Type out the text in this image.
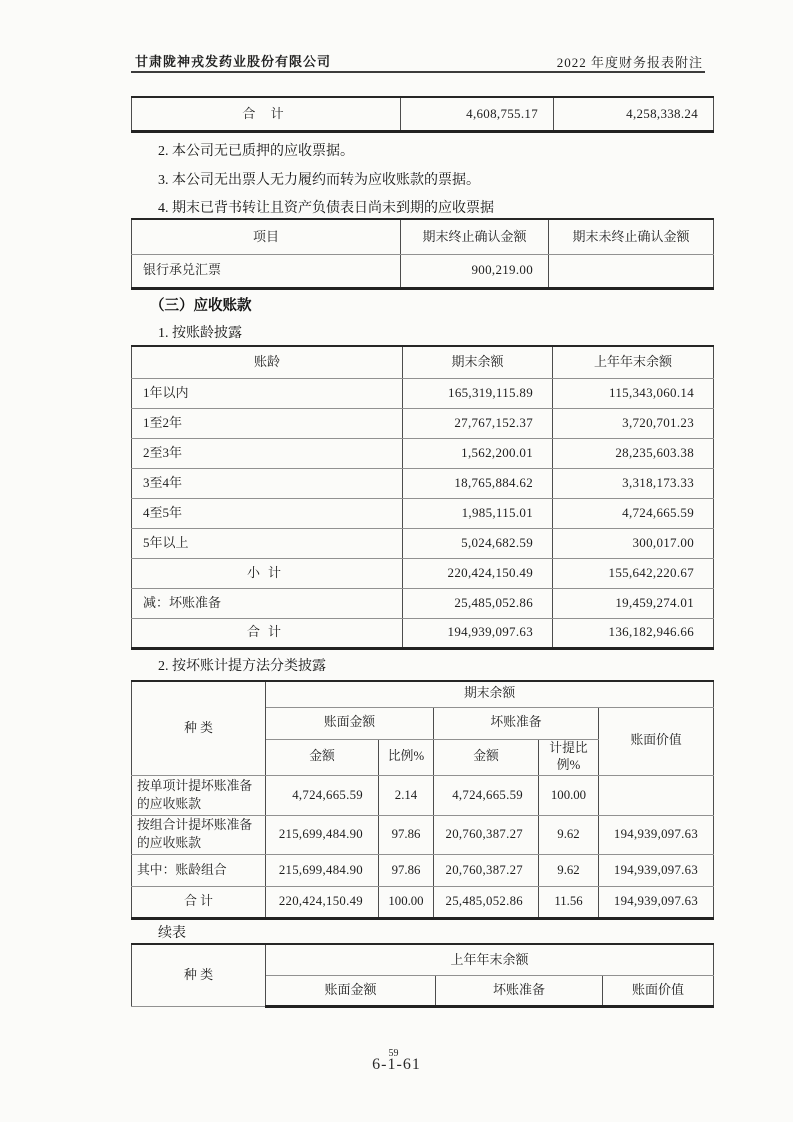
甘肃陇神戎发药业股份有限公司	2022 年度财务报表附注
合 计	4,608,755.17	4,258,338.24
2. 本公司无已质押的应收票据。
3. 本公司无出票人无力履约而转为应收账款的票据。
4. 期末已背书转让且资产负债表日尚未到期的应收票据
项目	期末终止确认金额	期末未终止确认金额
银行承兑汇票	900,219.00	
（三）应收账款
1. 按账龄披露
账龄	期末余额	上年年末余额
1年以内	165,319,115.89	115,343,060.14
1至2年	27,767,152.37	3,720,701.23
2至3年	1,562,200.01	28,235,603.38
3至4年	18,765,884.62	3,318,173.33
4至5年	1,985,115.01	4,724,665.59
5年以上	5,024,682.59	300,017.00
小计	220,424,150.49	155,642,220.67
减：坏账准备	25,485,052.86	19,459,274.01
合计	194,939,097.63	136,182,946.66
2. 按坏账计提方法分类披露
种 类	期末余额				
	账面金额		坏账准备		账面价值
	金额	比例%	金额	计提比例%	
按单项计提坏账准备的应收账款	4,724,665.59	2.14	4,724,665.59	100.00	
按组合计提坏账准备的应收账款	215,699,484.90	97.86	20,760,387.27	9.62	194,939,097.63
其中：账龄组合	215,699,484.90	97.86	20,760,387.27	9.62	194,939,097.63
合 计	220,424,150.49	100.00	25,485,052.86	11.56	194,939,097.63
续表
种 类	上年年末余额		
	账面金额	坏账准备	账面价值
59
6-1-61
